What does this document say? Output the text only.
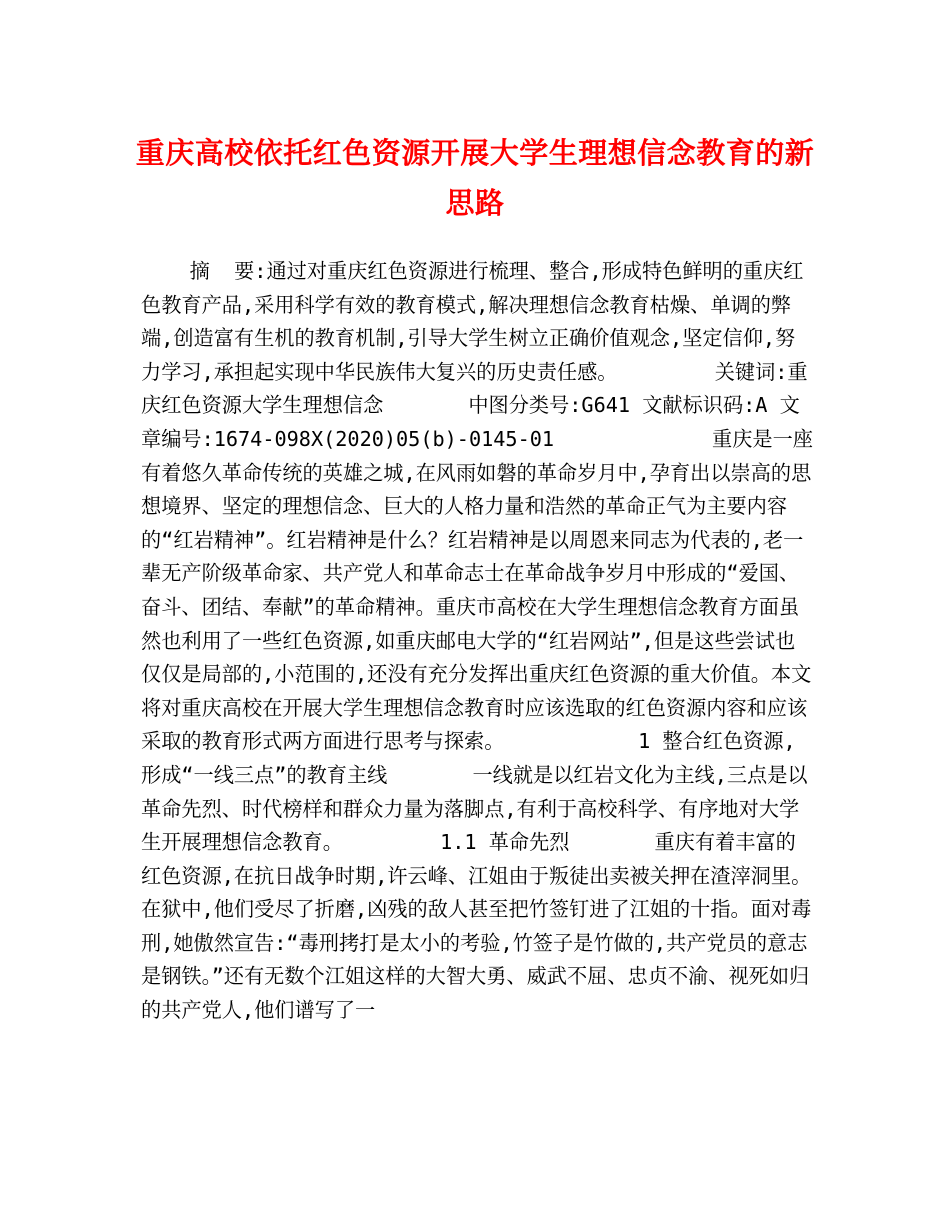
重庆高校依托红色资源开展大学生理想信念教育的新思路

摘  要:通过对重庆红色资源进行梳理、整合,形成特色鲜明的重庆红色教育产品,采用科学有效的教育模式,解决理想信念教育枯燥、单调的弊端,创造富有生机的教育机制,引导大学生树立正确价值观念,坚定信仰,努力学习,承担起实现中华民族伟大复兴的历史责任感。        关键词:重庆红色资源大学生理想信念       中图分类号:G641 文献标识码:A 文章编号:1674-098X(2020)05(b)-0145-01             重庆是一座有着悠久革命传统的英雄之城,在风雨如磐的革命岁月中,孕育出以崇高的思想境界、坚定的理想信念、巨大的人格力量和浩然的革命正气为主要内容的“红岩精神”。红岩精神是什么？红岩精神是以周恩来同志为代表的,老一辈无产阶级革命家、共产党人和革命志士在革命战争岁月中形成的“爱国、奋斗、团结、奉献”的革命精神。重庆市高校在大学生理想信念教育方面虽然也利用了一些红色资源,如重庆邮电大学的“红岩网站”,但是这些尝试也仅仅是局部的,小范围的,还没有充分发挥出重庆红色资源的重大价值。本文将对重庆高校在开展大学生理想信念教育时应该选取的红色资源内容和应该采取的教育形式两方面进行思考与探索。           1 整合红色资源,形成“一线三点”的教育主线       一线就是以红岩文化为主线,三点是以革命先烈、时代榜样和群众力量为落脚点,有利于高校科学、有序地对大学生开展理想信念教育。        1.1 革命先烈       重庆有着丰富的红色资源,在抗日战争时期,许云峰、江姐由于叛徒出卖被关押在渣滓洞里。在狱中,他们受尽了折磨,凶残的敌人甚至把竹签钉进了江姐的十指。面对毒刑,她傲然宣告:“毒刑拷打是太小的考验,竹签子是竹做的,共产党员的意志是钢铁。”还有无数个江姐这样的大智大勇、威武不屈、忠贞不渝、视死如归的共产党人,他们谱写了一
